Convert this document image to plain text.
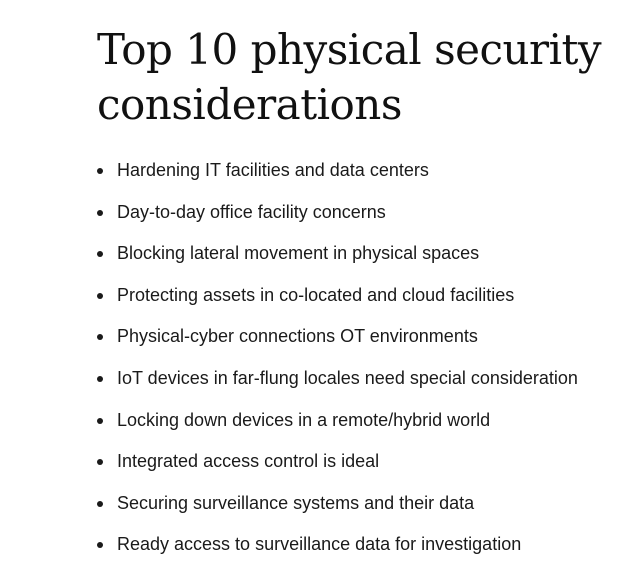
Top 10 physical security considerations
Hardening IT facilities and data centers
Day-to-day office facility concerns
Blocking lateral movement in physical spaces
Protecting assets in co-located and cloud facilities
Physical-cyber connections OT environments
IoT devices in far-flung locales need special consideration
Locking down devices in a remote/hybrid world
Integrated access control is ideal
Securing surveillance systems and their data
Ready access to surveillance data for investigation
